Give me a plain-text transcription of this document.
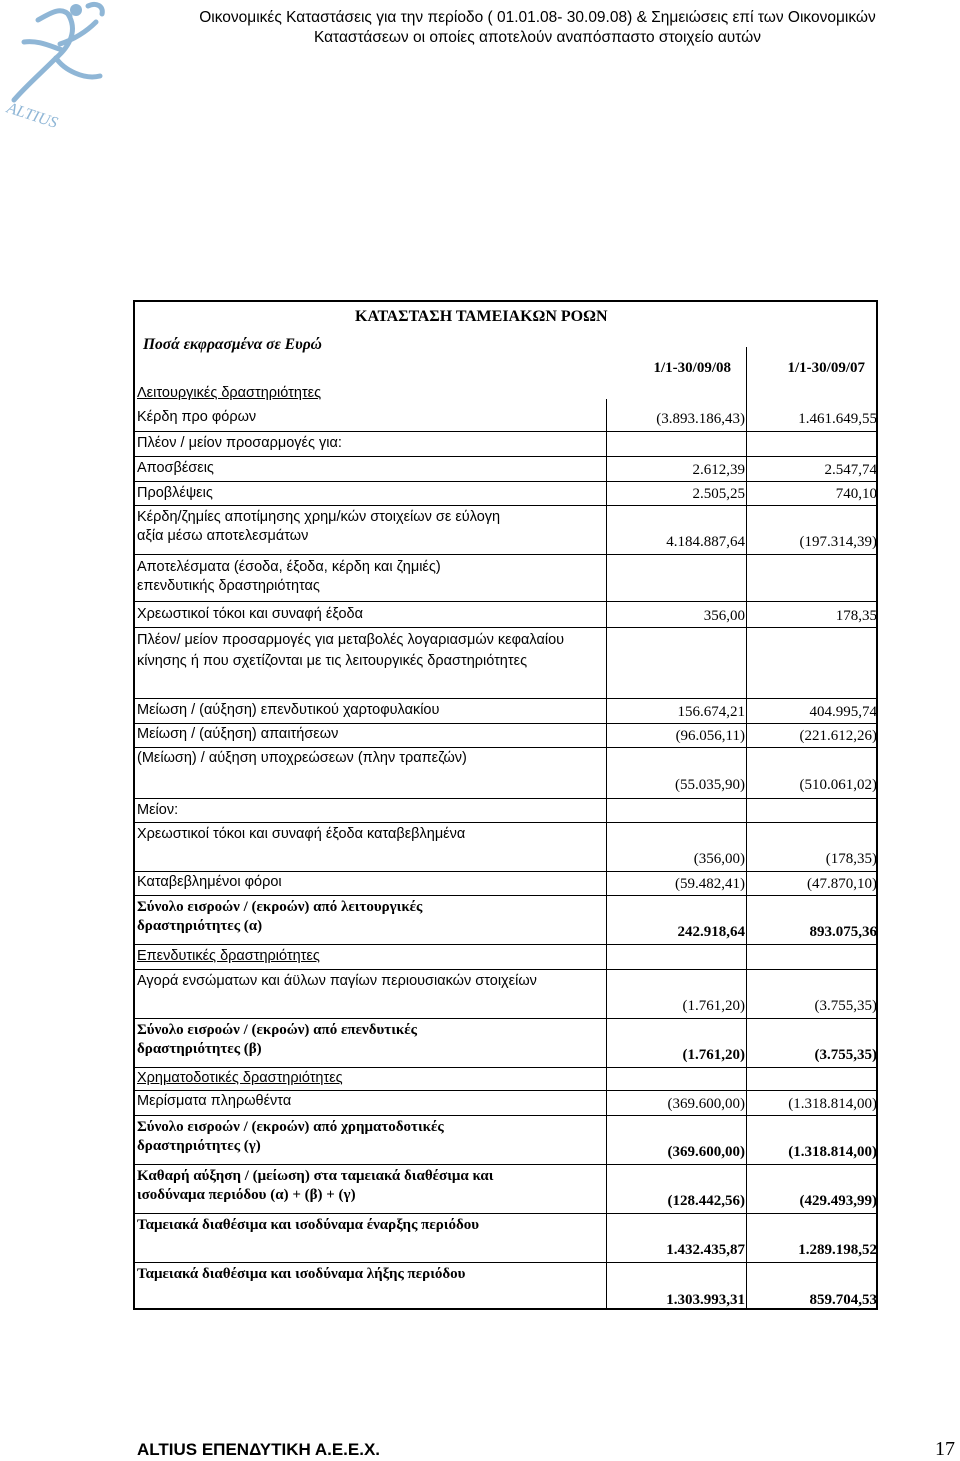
ALTIUS
Οικονομικές Καταστάσεις για την περίοδο ( 01.01.08- 30.09.08) & Σημειώσεις επί των Οικονομικών
Καταστάσεων οι οποίες αποτελούν αναπόσπαστο στοιχείο αυτών
ΚΑΤΑΣΤΑΣΗ ΤΑΜΕΙΑΚΩΝ ΡΟΩΝ
Ποσά εκφρασμένα σε Ευρώ
1/1-30/09/08	1/1-30/09/07
Λειτουργικές δραστηριότητες
Κέρδη προ φόρων	(3.893.186,43)	1.461.649,55
Πλέον / μείον προσαρμογές για:
Αποσβέσεις	2.612,39	2.547,74
Προβλέψεις	2.505,25	740,10
Κέρδη/ζημίες αποτίμησης χρημ/κών στοιχείων σε εύλογη αξία μέσω αποτελεσμάτων	4.184.887,64	(197.314,39)
Αποτελέσματα (έσοδα, έξοδα, κέρδη και ζημιές) επενδυτικής δραστηριότητας
Χρεωστικοί τόκοι και συναφή έξοδα	356,00	178,35
Πλέον/ μείον προσαρμογές για μεταβολές λογαριασμών κεφαλαίου κίνησης ή που σχετίζονται με τις λειτουργικές δραστηριότητες
Μείωση / (αύξηση) επενδυτικού χαρτοφυλακίου	156.674,21	404.995,74
Μείωση / (αύξηση) απαιτήσεων	(96.056,11)	(221.612,26)
(Μείωση) / αύξηση υποχρεώσεων (πλην τραπεζών)
(55.035,90)	(510.061,02)
Μείον:
Χρεωστικοί τόκοι και συναφή έξοδα καταβεβλημένα
(356,00)	(178,35)
Καταβεβλημένοι φόροι	(59.482,41)	(47.870,10)
Σύνολο εισροών / (εκροών) από λειτουργικές δραστηριότητες (α)	242.918,64	893.075,36
Επενδυτικές δραστηριότητες
Αγορά ενσώματων και άϋλων παγίων περιουσιακών στοιχείων
(1.761,20)	(3.755,35)
Σύνολο εισροών / (εκροών) από επενδυτικές δραστηριότητες (β)	(1.761,20)	(3.755,35)
Χρηματοδοτικές δραστηριότητες
Μερίσματα πληρωθέντα	(369.600,00)	(1.318.814,00)
Σύνολο εισροών / (εκροών) από χρηματοδοτικές δραστηριότητες (γ)	(369.600,00)	(1.318.814,00)
Καθαρή αύξηση / (μείωση) στα ταμειακά διαθέσιμα και ισοδύναμα περιόδου (α) + (β) + (γ)	(128.442,56)	(429.493,99)
Ταμειακά διαθέσιμα και ισοδύναμα έναρξης περιόδου
1.432.435,87	1.289.198,52
Ταμειακά διαθέσιμα και ισοδύναμα λήξης περιόδου
1.303.993,31	859.704,53
ALTIUS ΕΠΕΝΔΥΤΙΚΗ Α.Ε.Ε.Χ.	17
